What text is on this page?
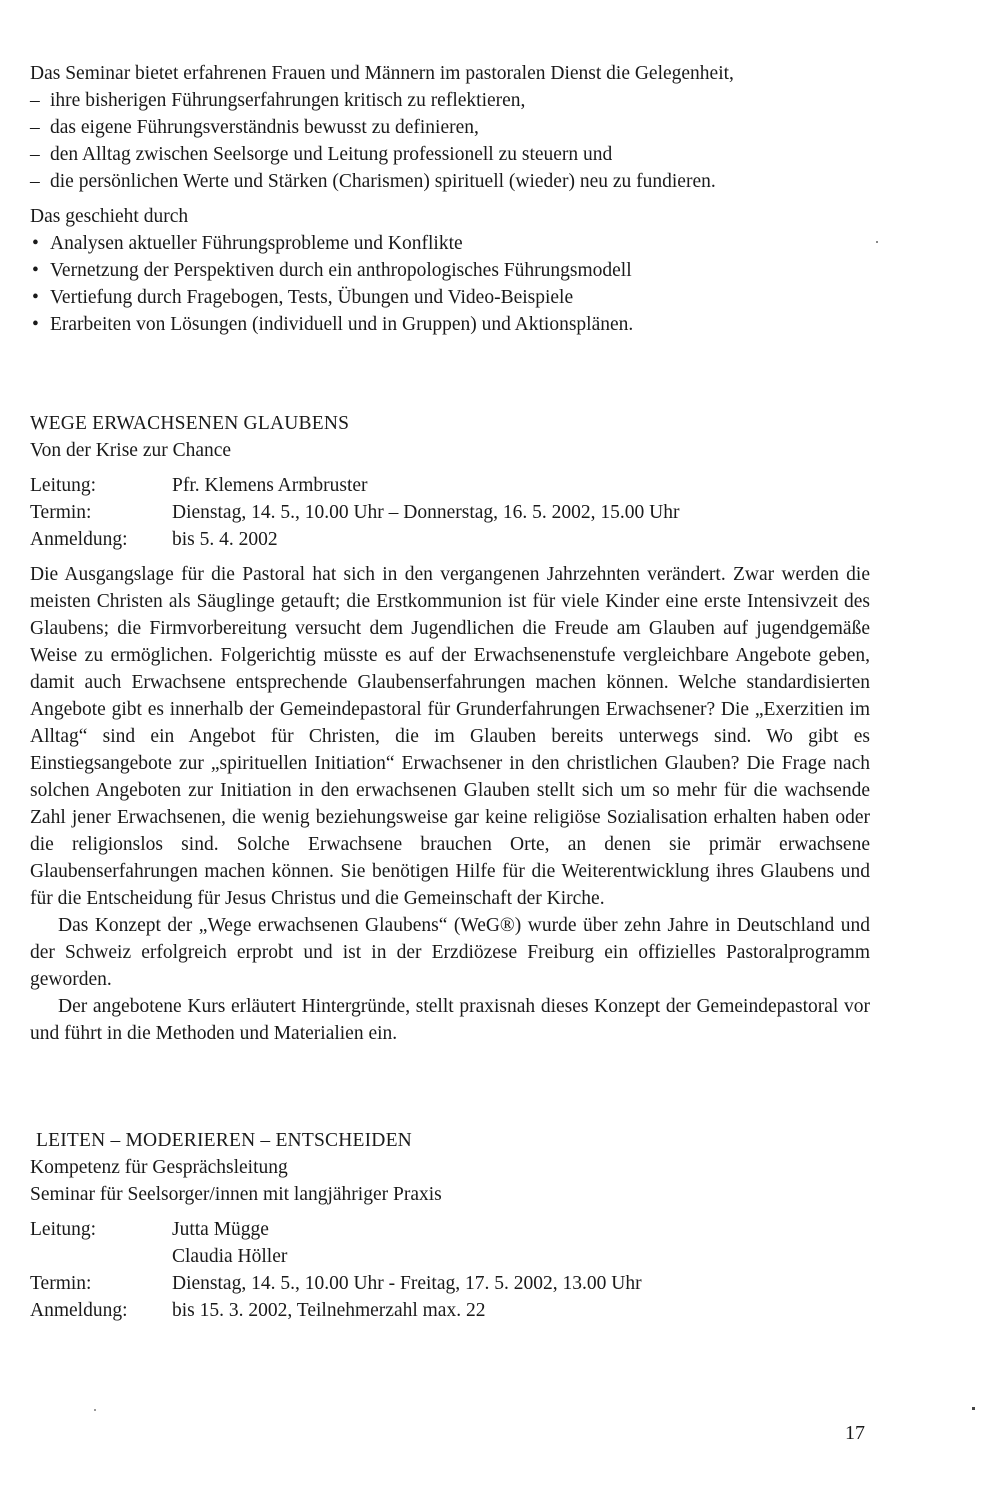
Das Seminar bietet erfahrenen Frauen und Männern im pastoralen Dienst die Gelegenheit,

– ihre bisherigen Führungserfahrungen kritisch zu reflektieren,
– das eigene Führungsverständnis bewusst zu definieren,
– den Alltag zwischen Seelsorge und Leitung professionell zu steuern und
– die persönlichen Werte und Stärken (Charismen) spirituell (wieder) neu zu fundieren.

Das geschieht durch

• Analysen aktueller Führungsprobleme und Konflikte
• Vernetzung der Perspektiven durch ein anthropologisches Führungsmodell
• Vertiefung durch Fragebogen, Tests, Übungen und Video-Beispiele
• Erarbeiten von Lösungen (individuell und in Gruppen) und Aktionsplänen.

WEGE ERWACHSENEN GLAUBENS

Von der Krise zur Chance

Leitung:	Pfr. Klemens Armbruster
Termin:	Dienstag, 14. 5., 10.00 Uhr – Donnerstag, 16. 5. 2002, 15.00 Uhr
Anmeldung:	bis 5. 4. 2002

Die Ausgangslage für die Pastoral hat sich in den vergangenen Jahrzehnten verändert. Zwar werden die meisten Christen als Säuglinge getauft; die Erstkommunion ist für viele Kinder eine erste Intensivzeit des Glaubens; die Firmvorbereitung versucht dem Jugendlichen die Freude am Glauben auf jugendgemäße Weise zu ermöglichen. Folgerichtig müsste es auf der Erwachsenenstufe vergleichbare Angebote geben, damit auch Erwachsene entsprechende Glaubenserfahrungen machen können. Welche standardisierten Angebote gibt es innerhalb der Gemeindepastoral für Grunderfahrungen Erwachsener? Die „Exerzitien im Alltag“ sind ein Angebot für Christen, die im Glauben bereits unterwegs sind. Wo gibt es Einstiegsangebote zur „spirituellen Initiation“ Erwachsener in den christlichen Glauben? Die Frage nach solchen Angeboten zur Initiation in den erwachsenen Glauben stellt sich um so mehr für die wachsende Zahl jener Erwachsenen, die wenig beziehungsweise gar keine religiöse Sozialisation erhalten haben oder die religionslos sind. Solche Erwachsene brauchen Orte, an denen sie primär erwachsene Glaubenserfahrungen machen können. Sie benötigen Hilfe für die Weiterentwicklung ihres Glaubens und für die Entscheidung für Jesus Christus und die Gemeinschaft der Kirche.

Das Konzept der „Wege erwachsenen Glaubens“ (WeG®) wurde über zehn Jahre in Deutschland und der Schweiz erfolgreich erprobt und ist in der Erzdiözese Freiburg ein offizielles Pastoralprogramm geworden.

Der angebotene Kurs erläutert Hintergründe, stellt praxisnah dieses Konzept der Gemeindepastoral vor und führt in die Methoden und Materialien ein.

LEITEN – MODERIEREN – ENTSCHEIDEN

Kompetenz für Gesprächsleitung

Seminar für Seelsorger/innen mit langjähriger Praxis

Leitung:	Jutta Mügge
Claudia Höller

Termin:	Dienstag, 14. 5., 10.00 Uhr - Freitag, 17. 5. 2002, 13.00 Uhr
Anmeldung:	bis 15. 3. 2002, Teilnehmerzahl max. 22
17
